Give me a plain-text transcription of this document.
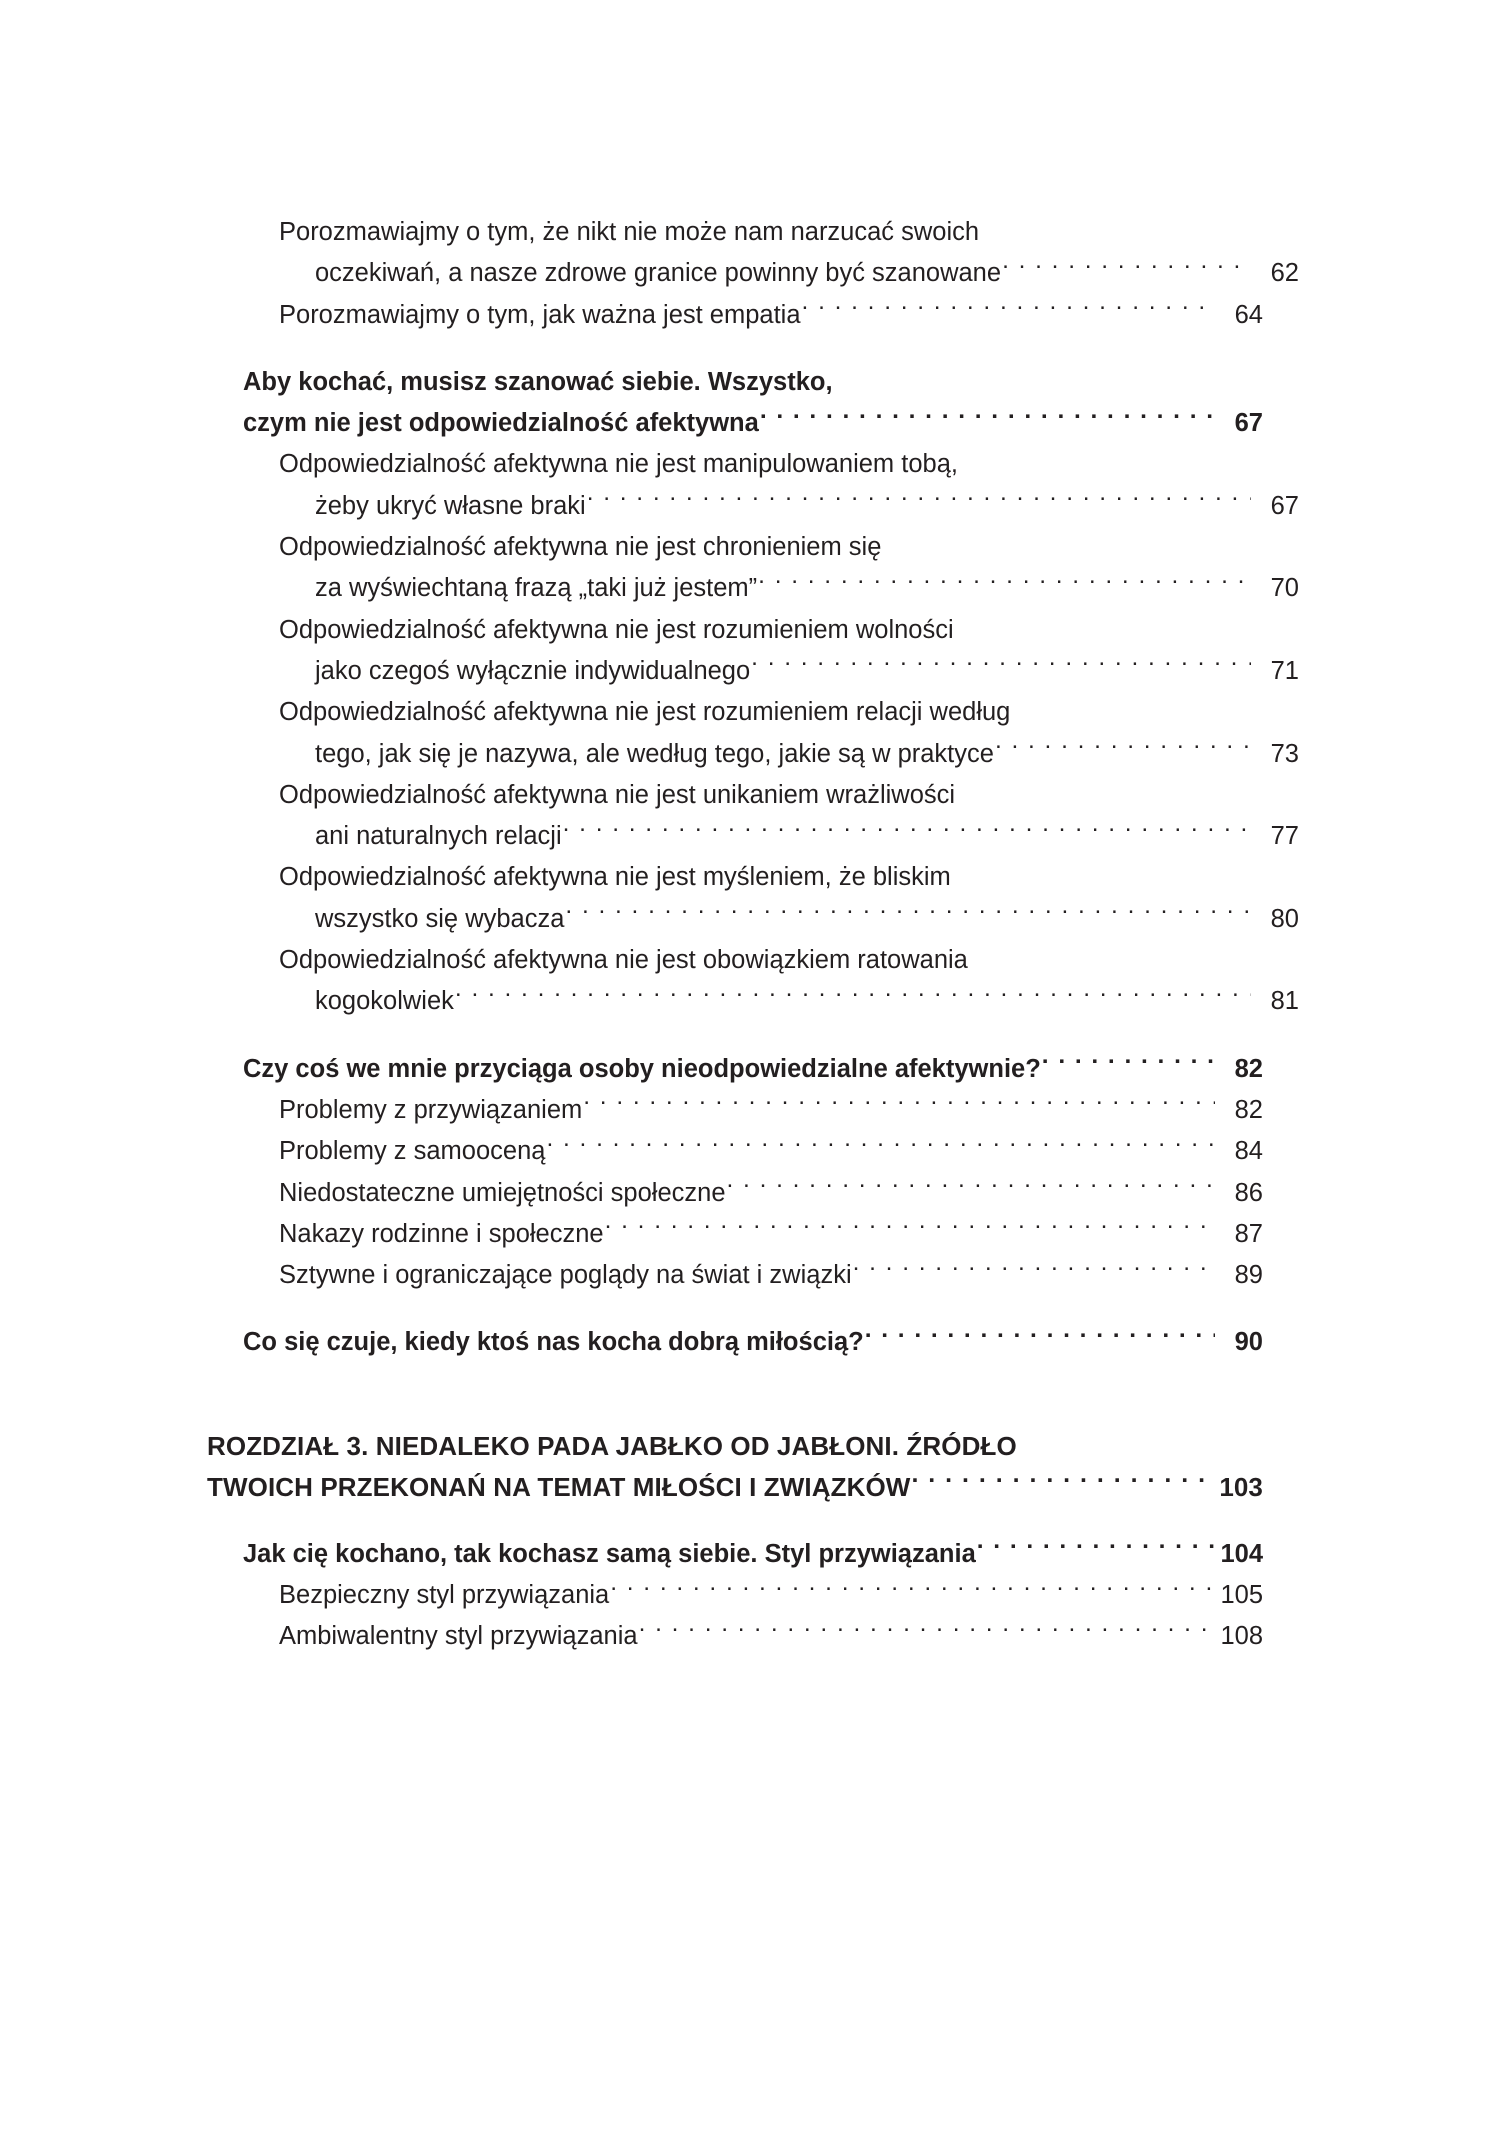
Porozmawiajmy o tym, że nikt nie może nam narzucać swoich
oczekiwań, a nasze zdrowe granice powinny być szanowane . . .	62
Porozmawiajmy o tym, jak ważna jest empatia . . .	64
Aby kochać, musisz szanować siebie. Wszystko,
czym nie jest odpowiedzialność afektywna . . .	67
Odpowiedzialność afektywna nie jest manipulowaniem tobą,
żeby ukryć własne braki . . .	67
Odpowiedzialność afektywna nie jest chronieniem się
za wyświechtaną frazą „taki już jestem” . . .	70
Odpowiedzialność afektywna nie jest rozumieniem wolności
jako czegoś wyłącznie indywidualnego . . .	71
Odpowiedzialność afektywna nie jest rozumieniem relacji według
tego, jak się je nazywa, ale według tego, jakie są w praktyce . . .	73
Odpowiedzialność afektywna nie jest unikaniem wrażliwości
ani naturalnych relacji . . .	77
Odpowiedzialność afektywna nie jest myśleniem, że bliskim
wszystko się wybacza . . .	80
Odpowiedzialność afektywna nie jest obowiązkiem ratowania
kogokolwiek . . .	81
Czy coś we mnie przyciąga osoby nieodpowiedzialne afektywnie? . . .	82
Problemy z przywiązaniem . . .	82
Problemy z samooceną . . .	84
Niedostateczne umiejętności społeczne . . .	86
Nakazy rodzinne i społeczne . . .	87
Sztywne i ograniczające poglądy na świat i związki . . .	89
Co się czuje, kiedy ktoś nas kocha dobrą miłością? . . .	90
ROZDZIAŁ 3. NIEDALEKO PADA JABŁKO OD JABŁONI. ŹRÓDŁO
TWOICH PRZEKONAŃ NA TEMAT MIŁOŚCI I ZWIĄZKÓW . . .	103
Jak cię kochano, tak kochasz samą siebie. Styl przywiązania . . .	104
Bezpieczny styl przywiązania . . .	105
Ambiwalentny styl przywiązania . . .	108
